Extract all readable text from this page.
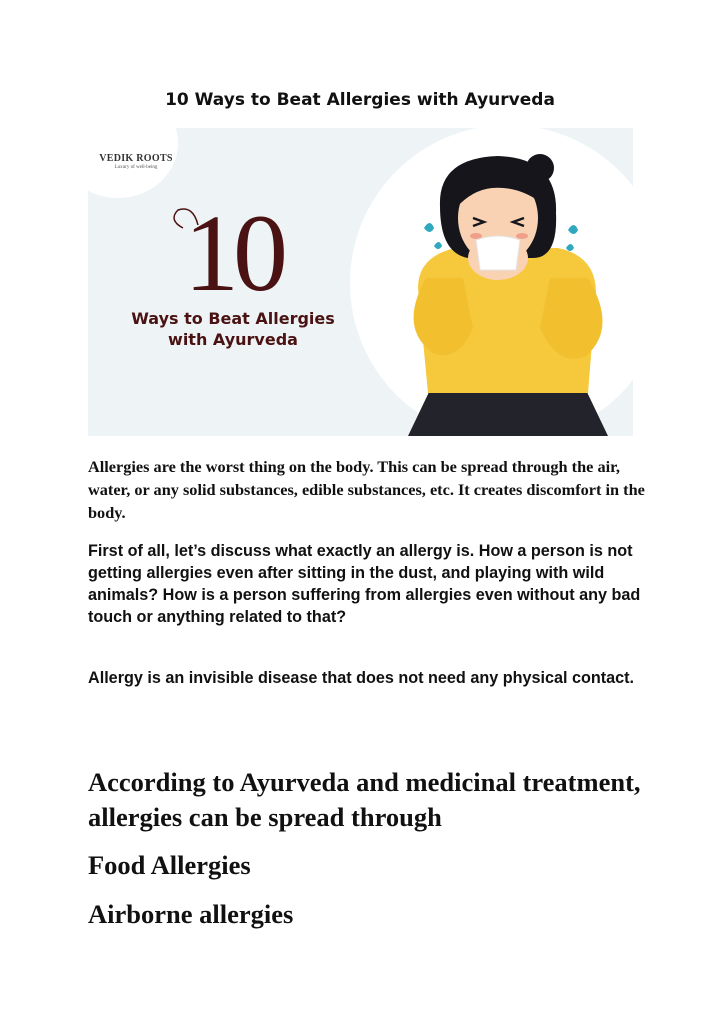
10 Ways to Beat Allergies with Ayurveda
VEDIK ROOTS
Luxury of well-being
10
Ways to Beat Allergies
with Ayurveda

Allergies are the worst thing on the body. This can be spread through the air, water, or any solid substances, edible substances, etc. It creates discomfort in the body.

First of all, let’s discuss what exactly an allergy is. How a person is not getting allergies even after sitting in the dust, and playing with wild animals? How is a person suffering from allergies even without any bad touch or anything related to that?

Allergy is an invisible disease that does not need any physical contact.

According to Ayurveda and medicinal treatment, allergies can be spread through
Food Allergies
Airborne allergies
